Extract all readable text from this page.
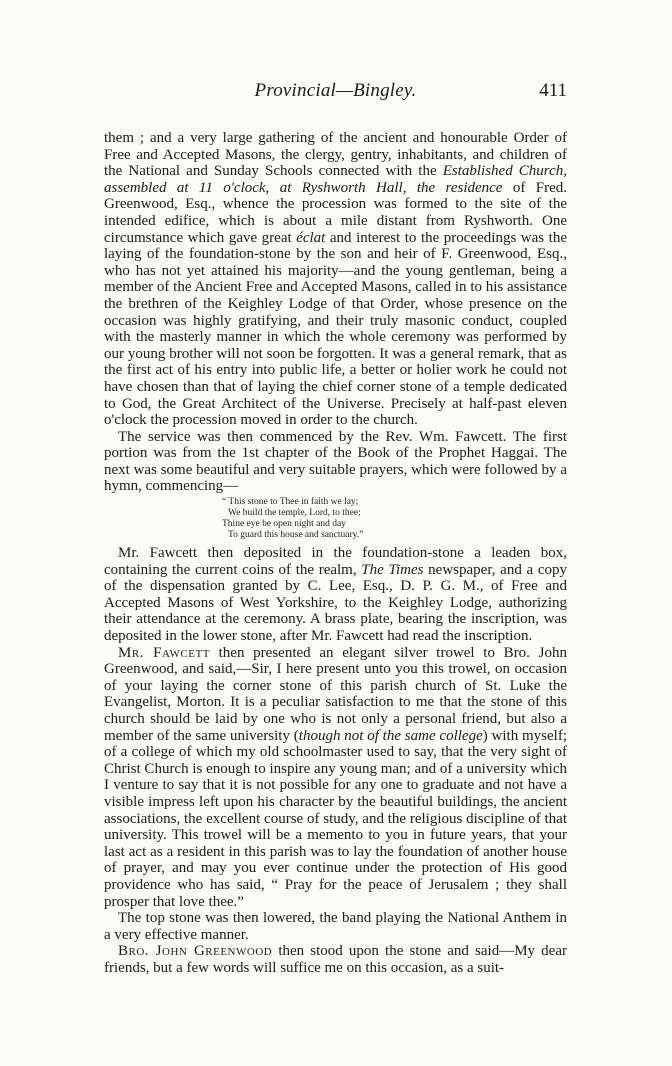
Provincial—Bingley.	411

them ; and a very large gathering of the ancient and honourable Order of Free and Accepted Masons, the clergy, gentry, inhabitants, and children of the National and Sunday Schools connected with the Established Church, assembled at 11 o'clock, at Ryshworth Hall, the residence of Fred. Greenwood, Esq., whence the procession was formed to the site of the intended edifice, which is about a mile distant from Ryshworth. One circumstance which gave great éclat and interest to the proceedings was the laying of the foundation-stone by the son and heir of F. Greenwood, Esq., who has not yet attained his majority—and the young gentleman, being a member of the Ancient Free and Accepted Masons, called in to his assistance the brethren of the Keighley Lodge of that Order, whose presence on the occasion was highly gratifying, and their truly masonic conduct, coupled with the masterly manner in which the whole ceremony was performed by our young brother will not soon be forgotten. It was a general remark, that as the first act of his entry into public life, a better or holier work he could not have chosen than that of laying the chief corner stone of a temple dedicated to God, the Great Architect of the Universe. Precisely at half-past eleven o'clock the procession moved in order to the church.

The service was then commenced by the Rev. Wm. Fawcett. The first portion was from the 1st chapter of the Book of the Prophet Haggai. The next was some beautiful and very suitable prayers, which were followed by a hymn, commencing—

“ This stone to Thee in faith we lay;
We build the temple, Lord, to thee;
Thine eye be open night and day
To guard this house and sanctuary.”

Mr. Fawcett then deposited in the foundation-stone a leaden box, containing the current coins of the realm, The Times newspaper, and a copy of the dispensation granted by C. Lee, Esq., D. P. G. M., of Free and Accepted Masons of West Yorkshire, to the Keighley Lodge, authorizing their attendance at the ceremony. A brass plate, bearing the inscription, was deposited in the lower stone, after Mr. Fawcett had read the inscription.

Mr. Fawcett then presented an elegant silver trowel to Bro. John Greenwood, and said,—Sir, I here present unto you this trowel, on occasion of your laying the corner stone of this parish church of St. Luke the Evangelist, Morton. It is a peculiar satisfaction to me that the stone of this church should be laid by one who is not only a personal friend, but also a member of the same university (though not of the same college) with myself; of a college of which my old schoolmaster used to say, that the very sight of Christ Church is enough to inspire any young man; and of a university which I venture to say that it is not possible for any one to graduate and not have a visible impress left upon his character by the beautiful buildings, the ancient associations, the excellent course of study, and the religious discipline of that university. This trowel will be a memento to you in future years, that your last act as a resident in this parish was to lay the foundation of another house of prayer, and may you ever continue under the protection of His good providence who has said, “ Pray for the peace of Jerusalem ; they shall prosper that love thee.”

The top stone was then lowered, the band playing the National Anthem in a very effective manner.

Bro. John Greenwood then stood upon the stone and said—My dear friends, but a few words will suffice me on this occasion, as a suit-
